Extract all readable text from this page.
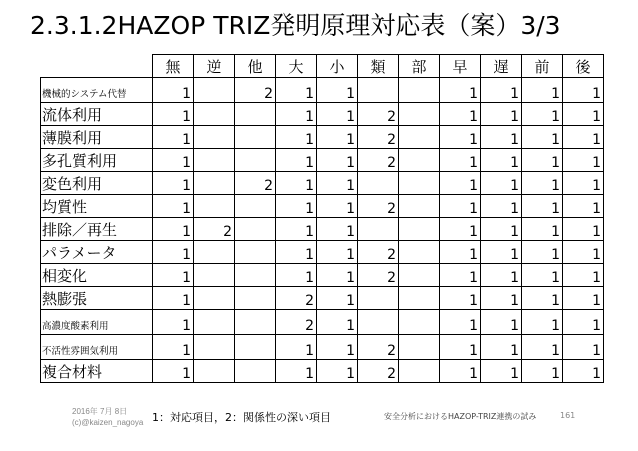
2.3.1.2HAZOP TRIZ発明原理対応表（案）3/3
	無	逆	他	大	小	類	部	早	遅	前	後
機械的システム代替	1		2	1	1			1	1	1	1
流体利用	1			1	1	2		1	1	1	1
薄膜利用	1			1	1	2		1	1	1	1
多孔質利用	1			1	1	2		1	1	1	1
変色利用	1		2	1	1			1	1	1	1
均質性	1			1	1	2		1	1	1	1
排除／再生	1	2		1	1			1	1	1	1
パラメータ	1			1	1	2		1	1	1	1
相変化	1			1	1	2		1	1	1	1
熱膨張	1			2	1			1	1	1	1
高濃度酸素利用	1			2	1			1	1	1	1
不活性雰囲気利用	1			1	1	2		1	1	1	1
複合材料	1			1	1	2		1	1	1	1
2016年 7月 8日
(c)@kaizen_nagoya 1：対応項目，2：関係性の深い項目	安全分析におけるHAZOP-TRIZ連携の試み	161
